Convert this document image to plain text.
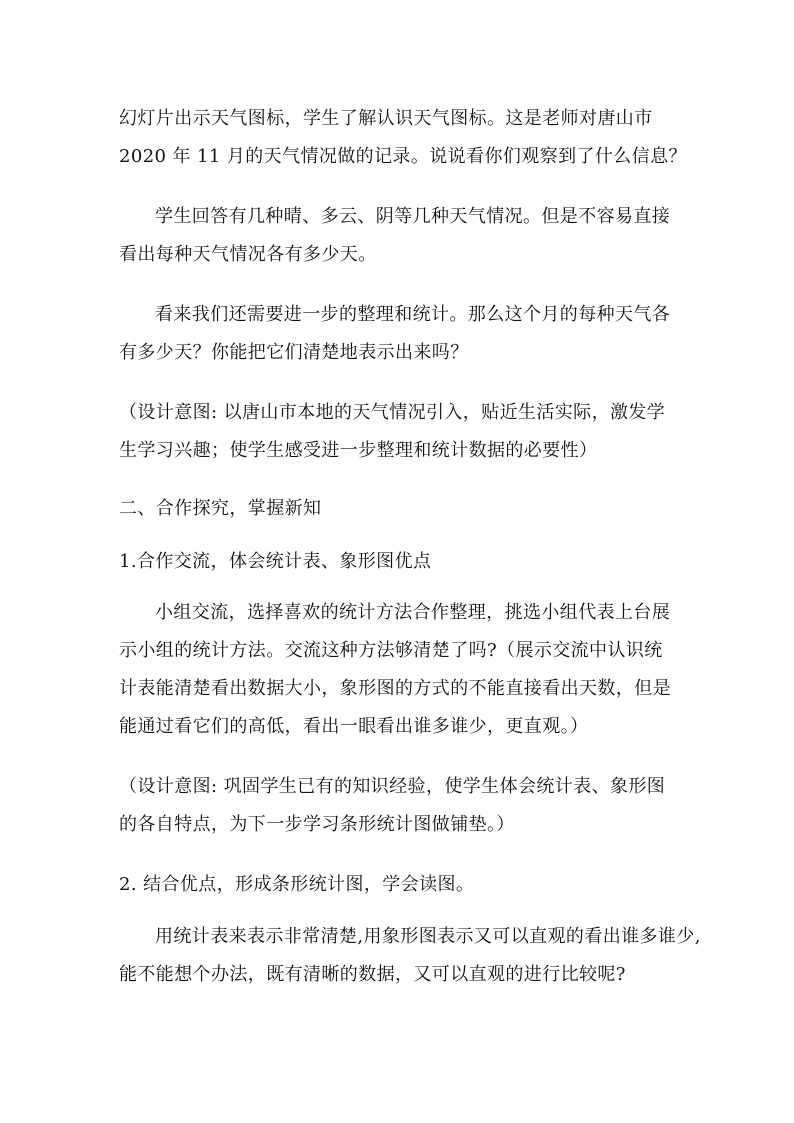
幻灯片出示天气图标，学生了解认识天气图标。这是老师对唐山市
2020 年 11 月的天气情况做的记录。说说看你们观察到了什么信息？
学生回答有几种晴、多云、阴等几种天气情况。但是不容易直接
看出每种天气情况各有多少天。
看来我们还需要进一步的整理和统计。那么这个月的每种天气各
有多少天？你能把它们清楚地表示出来吗？
（设计意图: 以唐山市本地的天气情况引入，贴近生活实际，激发学
生学习兴趣；使学生感受进一步整理和统计数据的必要性）
二、合作探究，掌握新知
1.合作交流，体会统计表、象形图优点
小组交流，选择喜欢的统计方法合作整理，挑选小组代表上台展
示小组的统计方法。交流这种方法够清楚了吗?（展示交流中认识统
计表能清楚看出数据大小，象形图的方式的不能直接看出天数，但是
能通过看它们的高低，看出一眼看出谁多谁少，更直观。）
（设计意图: 巩固学生已有的知识经验，使学生体会统计表、象形图
的各自特点，为下一步学习条形统计图做铺垫。）
2. 结合优点，形成条形统计图，学会读图。
用统计表来表示非常清楚,用象形图表示又可以直观的看出谁多谁少,
能不能想个办法，既有清晰的数据，又可以直观的进行比较呢?
